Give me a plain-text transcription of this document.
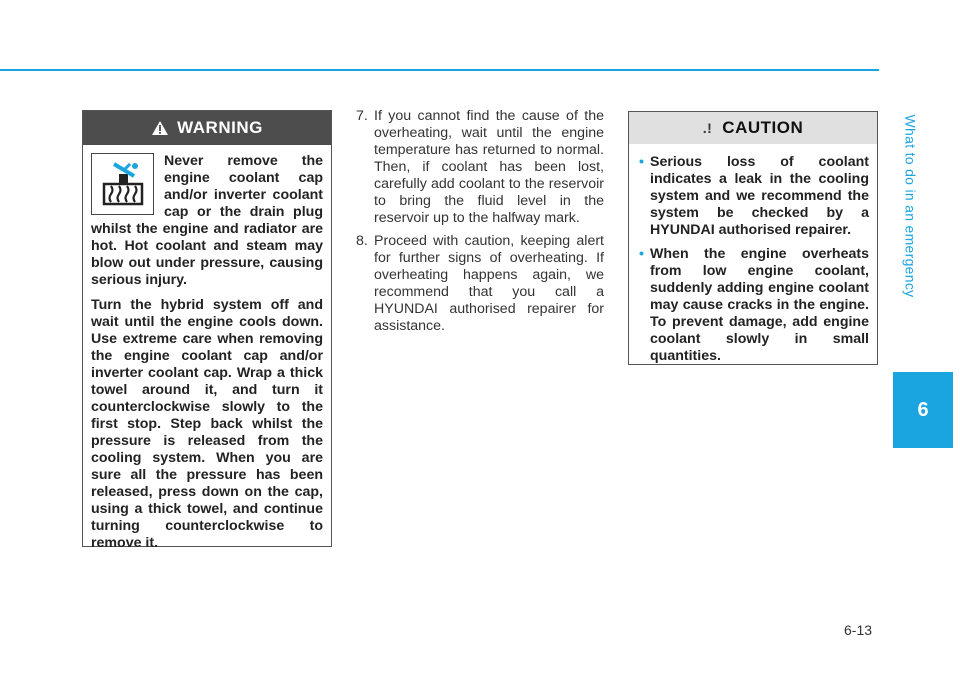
What to do in an emergency
6
6-13
WARNING

Never remove the engine coolant cap and/or inverter coolant cap or the drain plug whilst the engine and radiator are hot. Hot coolant and steam may blow out under pressure, causing serious injury.

Turn the hybrid system off and wait until the engine cools down. Use extreme care when removing the engine coolant cap and/or inverter coolant cap. Wrap a thick towel around it, and turn it counterclockwise slowly to the first stop. Step back whilst the pressure is released from the cooling system. When you are sure all the pressure has been released, press down on the cap, using a thick towel, and continue turning counterclockwise to remove it.

7. If you cannot find the cause of the overheating, wait until the engine temperature has returned to normal. Then, if coolant has been lost, carefully add coolant to the reservoir to bring the fluid level in the reservoir up to the halfway mark.
8. Proceed with caution, keeping alert for further signs of overheating. If overheating happens again, we recommend that you call a HYUNDAI authorised repairer for assistance.
.! CAUTION
• Serious loss of coolant indicates a leak in the cooling system and we recommend the system be checked by a HYUNDAI authorised repairer.
• When the engine overheats from low engine coolant, suddenly adding engine coolant may cause cracks in the engine. To prevent damage, add engine coolant slowly in small quantities.
